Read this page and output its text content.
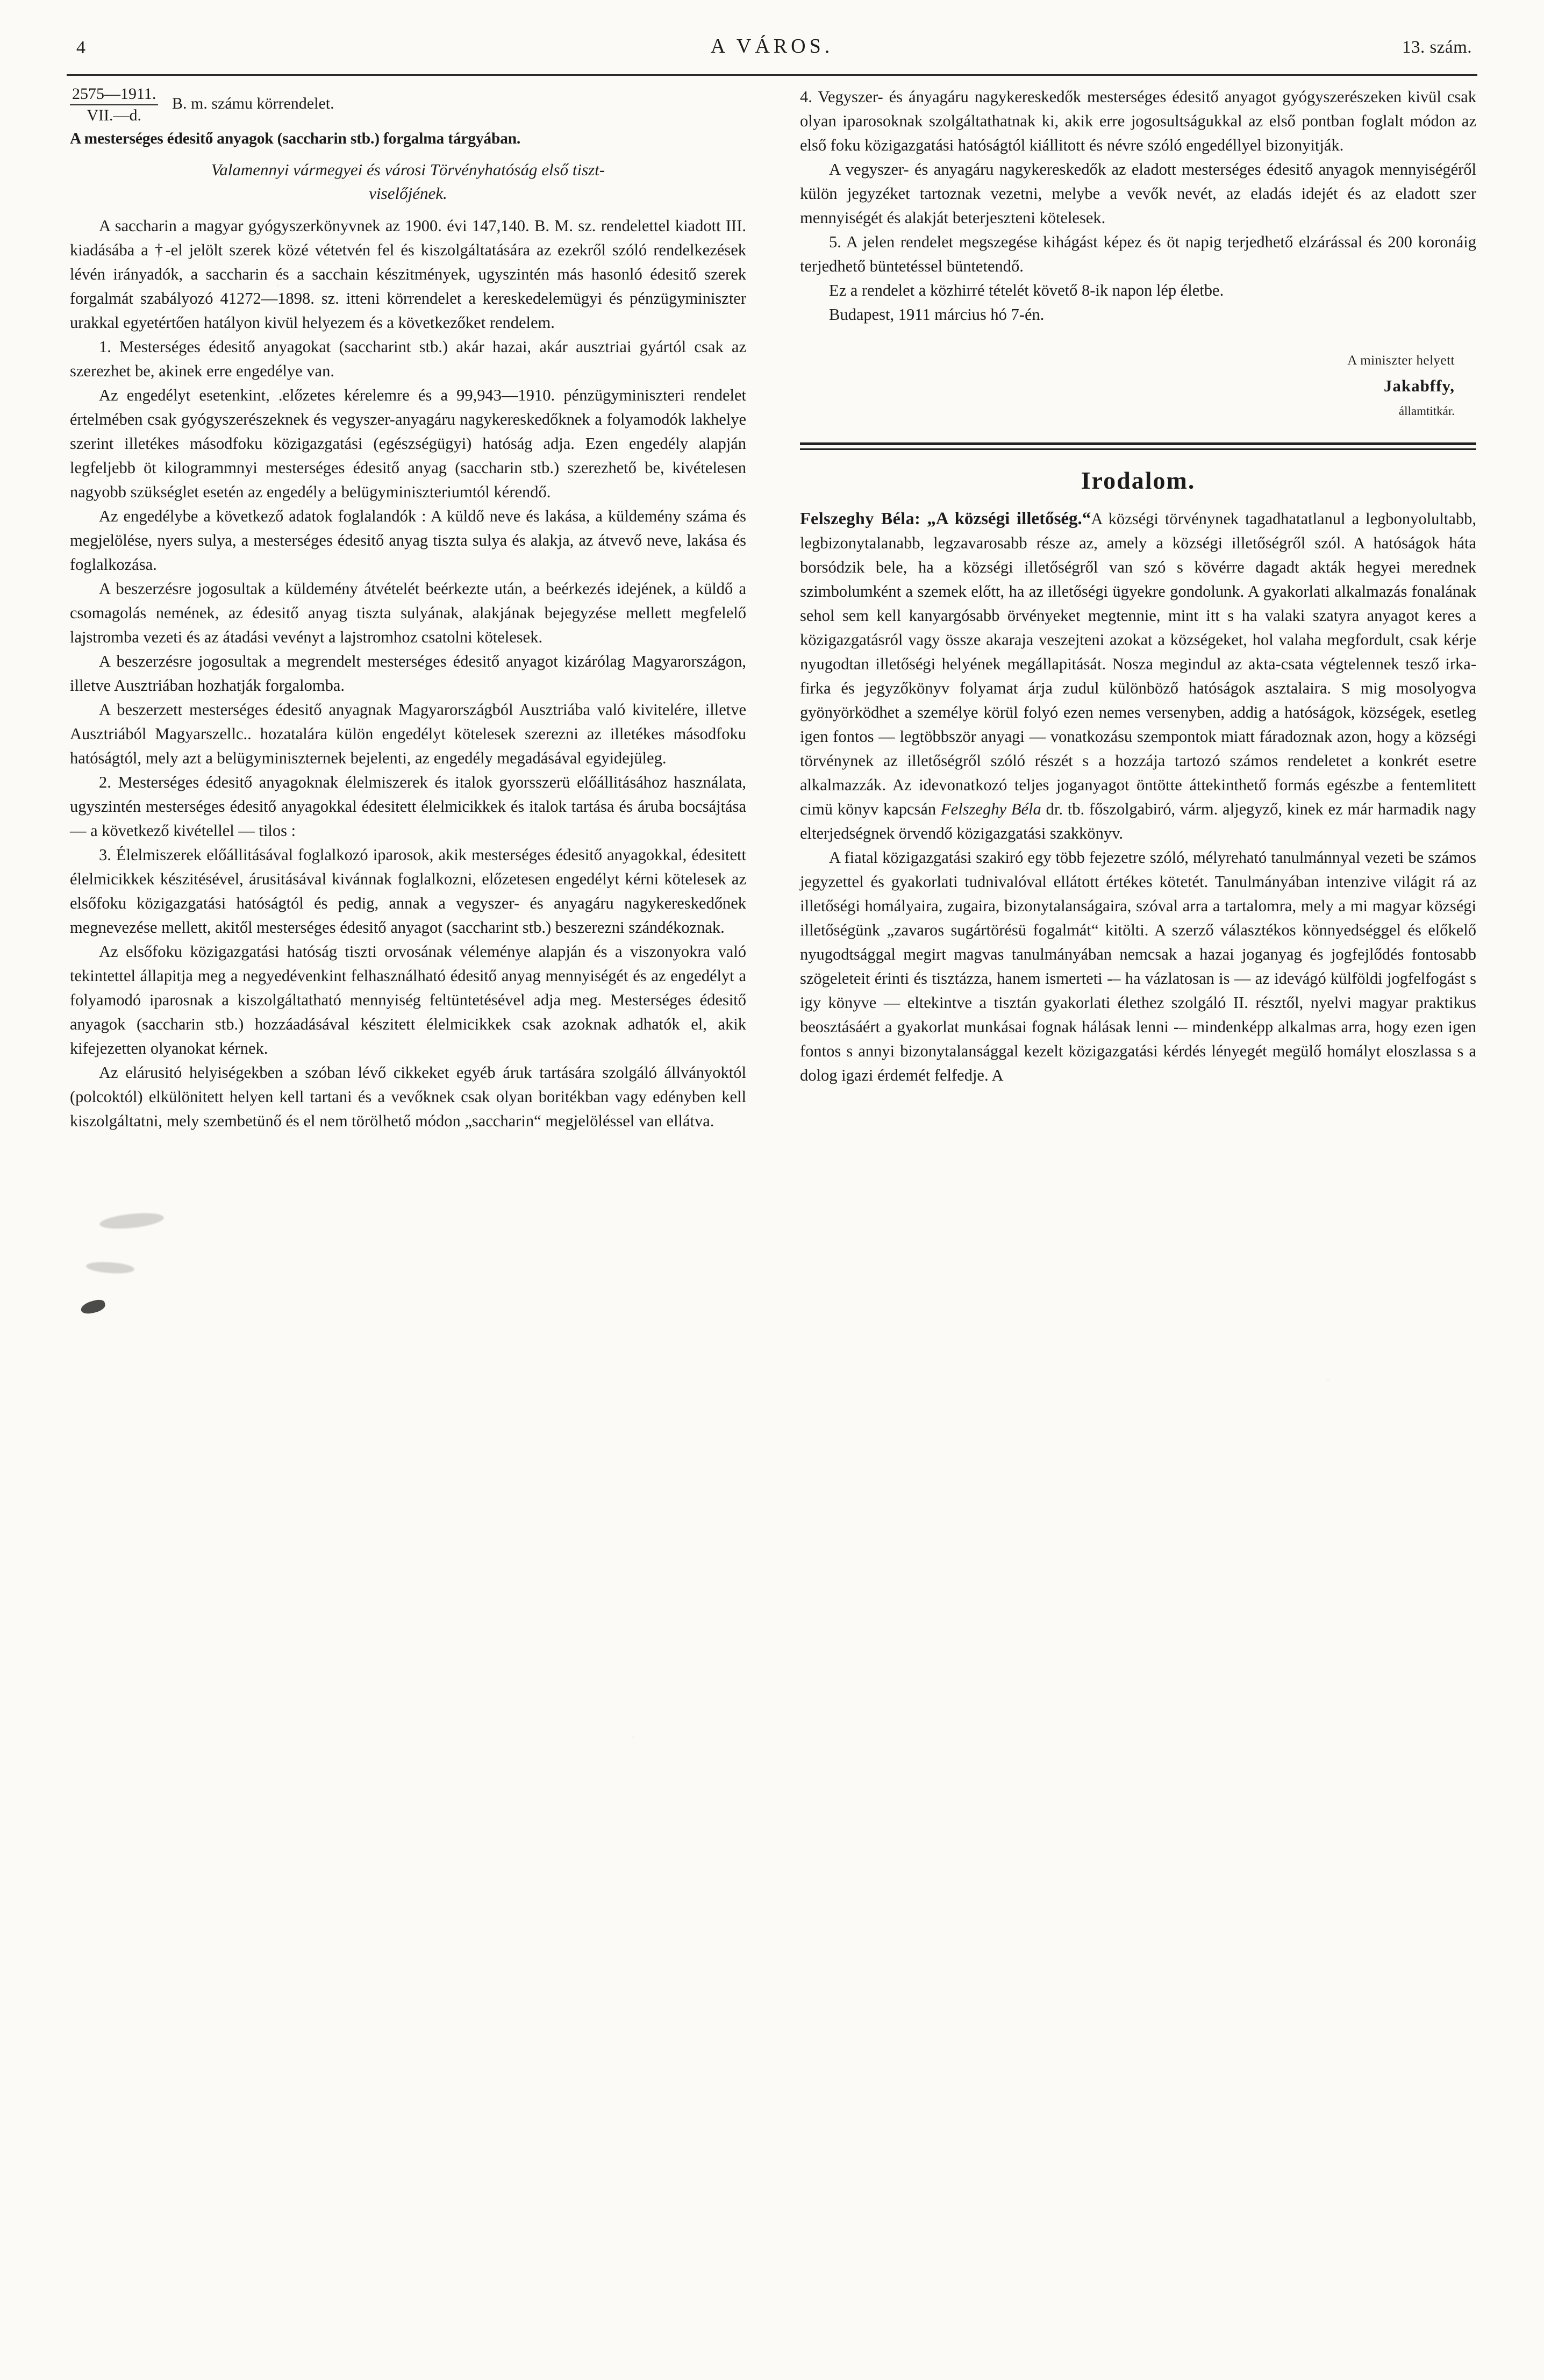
4	A VÁROS.	13. szám.
$\frac{2575—1911.}{\text{VII.—d.}} B$. m. számu körrendelet.
A mesterséges édesitő anyagok (saccharin stb.) forgalma tárgyában.
Valamennyi vármegyei és városi Törvényhatóság első tiszt-
viselőjének.

A saccharin a magyar gyógyszerkönyvnek az 1900. évi 147,140. B. M. sz. rendelettel kiadott III. kiadásába a †-el jelölt szerek közé vétetvén fel és kiszolgáltatására az ezekről szóló rendelkezések lévén irányadók, a saccharin és a sacchain készitmények, ugyszintén más hasonló édesitő szerek forgalmát szabályozó 41272—1898. sz. itteni körrendelet a kereskedelemügyi és pénzügyminiszter urakkal egyetértően hatályon kivül helyezem és a következőket rendelem.

1. Mesterséges édesitő anyagokat (saccharint stb.) akár hazai, akár ausztriai gyártól csak az szerezhet be, akinek erre engedélye van.

Az engedélyt esetenkint, .előzetes kérelemre és a 99,943—1910. pénzügyminiszteri rendelet értelmében csak gyógyszerészeknek és vegyszer-anyagáru nagykereskedőknek a folyamodók lakhelye szerint illetékes másodfoku közigazgatási (egészségügyi) hatóság adja. Ezen engedély alapján legfeljebb öt kilogrammnyi mesterséges édesitő anyag (saccharin stb.) szerezhető be, kivételesen nagyobb szükséglet esetén az engedély a belügyminiszteriumtól kérendő.

Az engedélybe a következő adatok foglalandók : A küldő neve és lakása, a küldemény száma és megjelölése, nyers sulya, a mesterséges édesitő anyag tiszta sulya és alakja, az átvevő neve, lakása és foglalkozása.

A beszerzésre jogosultak a küldemény átvételét beérkezte után, a beérkezés idejének, a küldő a csomagolás nemének, az édesitő anyag tiszta sulyának, alakjának bejegyzése mellett megfelelő lajstromba vezeti és az átadási vevényt a lajstromhoz csatolni kötelesek.

A beszerzésre jogosultak a megrendelt mesterséges édesitő anyagot kizárólag Magyarországon, illetve Ausztriában hozhatják forgalomba.

A beszerzett mesterséges édesitő anyagnak Magyarországból Ausztriába való kivitelére, illetve Ausztriából Magyarszellc.. hozatalára külön engedélyt kötelesek szerezni az illetékes másodfoku hatóságtól, mely azt a belügyminiszternek bejelenti, az engedély megadásával egyidejüleg.

2. Mesterséges édesitő anyagoknak élelmiszerek és italok gyorsszerü előállitásához használata, ugyszintén mesterséges édesitő anyagokkal édesitett élelmicikkek és italok tartása és áruba bocsájtása — a következő kivétellel — tilos :

3. Élelmiszerek előállitásával foglalkozó iparosok, akik mesterséges édesitő anyagokkal, édesitett élelmicikkek készitésével, árusitásával kivánnak foglalkozni, előzetesen engedélyt kérni kötelesek az elsőfoku közigazgatási hatóságtól és pedig, annak a vegyszer- és anyagáru nagykereskedőnek megnevezése mellett, akitől mesterséges édesitő anyagot (saccharint stb.) beszerezni szándékoznak.

Az elsőfoku közigazgatási hatóság tiszti orvosának véleménye alapján és a viszonyokra való tekintettel állapitja meg a negyedévenkint felhasználható édesitő anyag mennyiségét és az engedélyt a folyamodó iparosnak a kiszolgáltatható mennyiség feltüntetésével adja meg. Mesterséges édesitő anyagok (saccharin stb.) hozzáadásával készitett élelmicikkek csak azoknak adhatók el, akik kifejezetten olyanokat kérnek.

Az elárusitó helyiségekben a szóban lévő cikkeket egyéb áruk tartására szolgáló állványoktól (polcoktól) elkülönitett helyen kell tartani és a vevőknek csak olyan boritékban vagy edényben kell kiszolgáltatni, mely szembetünő és el nem törölhető módon „saccharin“ megjelöléssel van ellátva.

4. Vegyszer- és ányagáru nagykereskedők mesterséges édesitő anyagot gyógyszerészeken kivül csak olyan iparosoknak szolgáltathatnak ki, akik erre jogosultságukkal az első pontban foglalt módon az első foku közigazgatási hatóságtól kiállitott és névre szóló engedéllyel bizonyitják.

A vegyszer- és anyagáru nagykereskedők az eladott mesterséges édesitő anyagok mennyiségéről külön jegyzéket tartoznak vezetni, melybe a vevők nevét, az eladás idejét és az eladott szer mennyiségét és alakját beterjeszteni kötelesek.

5. A jelen rendelet megszegése kihágást képez és öt napig terjedhető elzárással és 200 koronáig terjedhető büntetéssel büntetendő.

Ez a rendelet a közhirré tételét követő 8-ik napon lép életbe.

Budapest, 1911 március hó 7-én.

A miniszter helyett
Jakabffy,
államtitkár.
Irodalom.

Felszeghy Béla: „A községi illetőség.“A községi törvénynek tagadhatatlanul a legbonyolultabb, legbizonytalanabb, legzavarosabb része az, amely a községi illetőségről szól. A hatóságok háta borsódzik bele, ha a községi illetőségről van szó s kövérre dagadt akták hegyei merednek szimbolumként a szemek előtt, ha az illetőségi ügyekre gondolunk. A gyakorlati alkalmazás fonalának sehol sem kell kanyargósabb örvényeket megtennie, mint itt s ha valaki szatyra anyagot keres a közigazgatásról vagy össze akaraja veszejteni azokat a községeket, hol valaha megfordult, csak kérje nyugodtan illetőségi helyének megállapitását. Nosza megindul az akta-csata végtelennek tesző irka-firka és jegyzőkönyv folyamat árja zudul különböző hatóságok asztalaira. S mig mosolyogva gyönyörködhet a személye körül folyó ezen nemes versenyben, addig a hatóságok, községek, esetleg igen fontos — legtöbbször anyagi — vonatkozásu szempontok miatt fáradoznak azon, hogy a községi törvénynek az illetőségről szóló részét s a hozzája tartozó számos rendeletet a konkrét esetre alkalmazzák. Az idevonatkozó teljes joganyagot öntötte áttekinthető formás egészbe a fentemlitett cimü könyv kapcsán Felszeghy Béla dr. tb. főszolgabiró, várm. aljegyző, kinek ez már harmadik nagy elterjedségnek örvendő közigazgatási szakkönyv.

A fiatal közigazgatási szakiró egy több fejezetre szóló, mélyreható tanulmánnyal vezeti be számos jegyzettel és gyakorlati tudnivalóval ellátott értékes kötetét. Tanulmányában intenzive világit rá az illetőségi homályaira, zugaira, bizonytalanságaira, szóval arra a tartalomra, mely a mi magyar községi illetőségünk „zavaros sugártörésü fogalmát“ kitölti. A szerző választékos könnyedséggel és előkelő nyugodtsággal megirt magvas tanulmányában nemcsak a hazai joganyag és jogfejlődés fontosabb szögeleteit érinti és tisztázza, hanem ismerteti -– ha vázlatosan is — az idevágó külföldi jogfelfogást s igy könyve — eltekintve a tisztán gyakorlati élethez szolgáló II. résztől, nyelvi magyar praktikus beosztásáért a gyakorlat munkásai fognak hálásak lenni -– mindenképp alkalmas arra, hogy ezen igen fontos s annyi bizonytalansággal kezelt közigazgatási kérdés lényegét megülő homályt eloszlassa s a dolog igazi érdemét felfedje. A
